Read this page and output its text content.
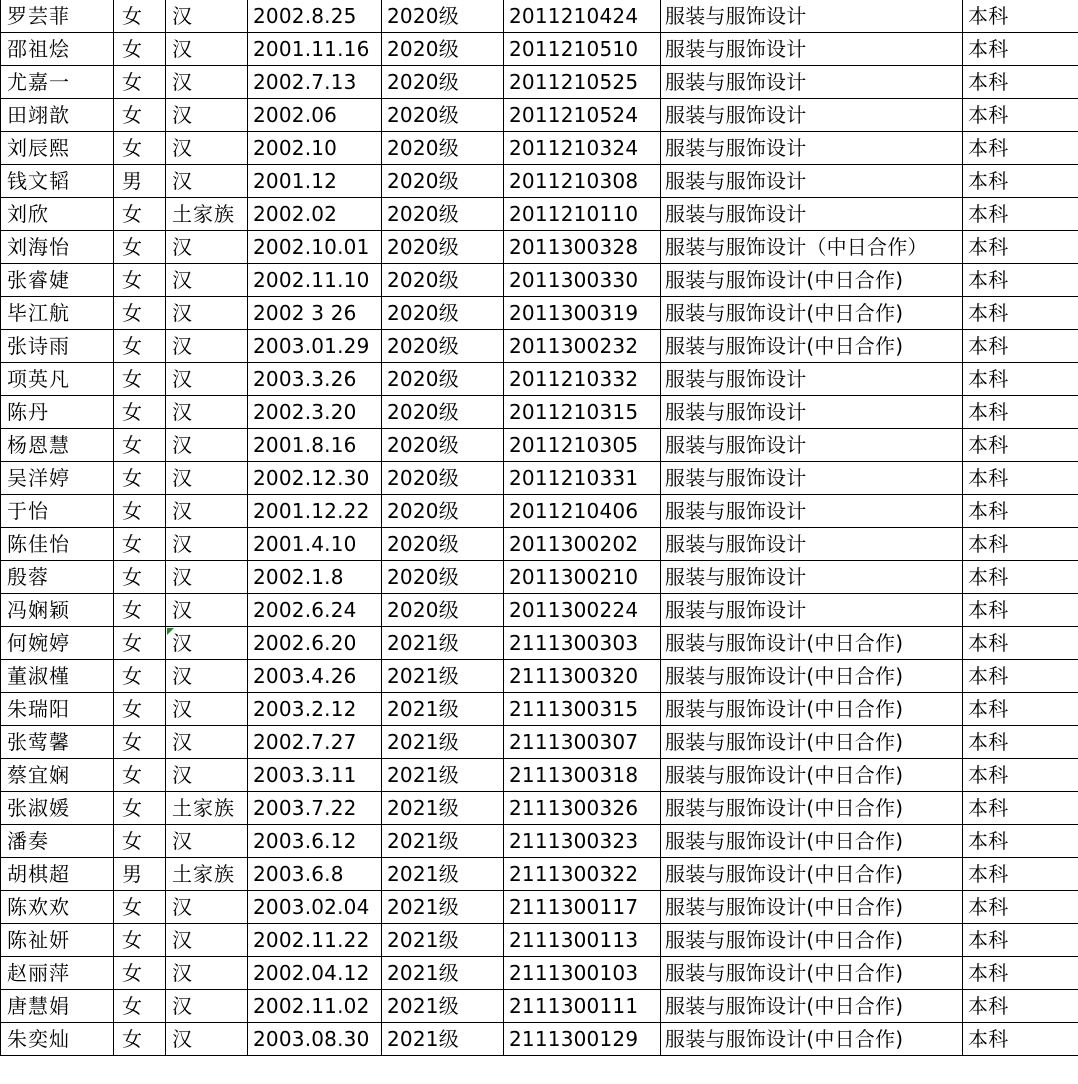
罗芸菲	女	汉	2002.8.25	2020级	2011210424	服装与服饰设计	本科
邵祖烩	女	汉	2001.11.16	2020级	2011210510	服装与服饰设计	本科
尤嘉一	女	汉	2002.7.13	2020级	2011210525	服装与服饰设计	本科
田翊歆	女	汉	2002.06	2020级	2011210524	服装与服饰设计	本科
刘辰熙	女	汉	2002.10	2020级	2011210324	服装与服饰设计	本科
钱文韬	男	汉	2001.12	2020级	2011210308	服装与服饰设计	本科
刘欣	女	土家族	2002.02	2020级	2011210110	服装与服饰设计	本科
刘海怡	女	汉	2002.10.01	2020级	2011300328	服装与服饰设计（中日合作）	本科
张睿婕	女	汉	2002.11.10	2020级	2011300330	服装与服饰设计(中日合作)	本科
毕江航	女	汉	2002 3 26	2020级	2011300319	服装与服饰设计(中日合作)	本科
张诗雨	女	汉	2003.01.29	2020级	2011300232	服装与服饰设计(中日合作)	本科
项英凡	女	汉	2003.3.26	2020级	2011210332	服装与服饰设计	本科
陈丹	女	汉	2002.3.20	2020级	2011210315	服装与服饰设计	本科
杨恩慧	女	汉	2001.8.16	2020级	2011210305	服装与服饰设计	本科
吴洋婷	女	汉	2002.12.30	2020级	2011210331	服装与服饰设计	本科
于怡	女	汉	2001.12.22	2020级	2011210406	服装与服饰设计	本科
陈佳怡	女	汉	2001.4.10	2020级	2011300202	服装与服饰设计	本科
殷蓉	女	汉	2002.1.8	2020级	2011300210	服装与服饰设计	本科
冯娴颖	女	汉	2002.6.24	2020级	2011300224	服装与服饰设计	本科
何婉婷	女	汉	2002.6.20	2021级	2111300303	服装与服饰设计(中日合作)	本科
董淑槿	女	汉	2003.4.26	2021级	2111300320	服装与服饰设计(中日合作)	本科
朱瑞阳	女	汉	2003.2.12	2021级	2111300315	服装与服饰设计(中日合作)	本科
张莺馨	女	汉	2002.7.27	2021级	2111300307	服装与服饰设计(中日合作)	本科
蔡宜娴	女	汉	2003.3.11	2021级	2111300318	服装与服饰设计(中日合作)	本科
张淑媛	女	土家族	2003.7.22	2021级	2111300326	服装与服饰设计(中日合作)	本科
潘奏	女	汉	2003.6.12	2021级	2111300323	服装与服饰设计(中日合作)	本科
胡棋超	男	土家族	2003.6.8	2021级	2111300322	服装与服饰设计(中日合作)	本科
陈欢欢	女	汉	2003.02.04	2021级	2111300117	服装与服饰设计(中日合作)	本科
陈祉妍	女	汉	2002.11.22	2021级	2111300113	服装与服饰设计(中日合作)	本科
赵丽萍	女	汉	2002.04.12	2021级	2111300103	服装与服饰设计(中日合作)	本科
唐慧娟	女	汉	2002.11.02	2021级	2111300111	服装与服饰设计(中日合作)	本科
朱奕灿	女	汉	2003.08.30	2021级	2111300129	服装与服饰设计(中日合作)	本科
